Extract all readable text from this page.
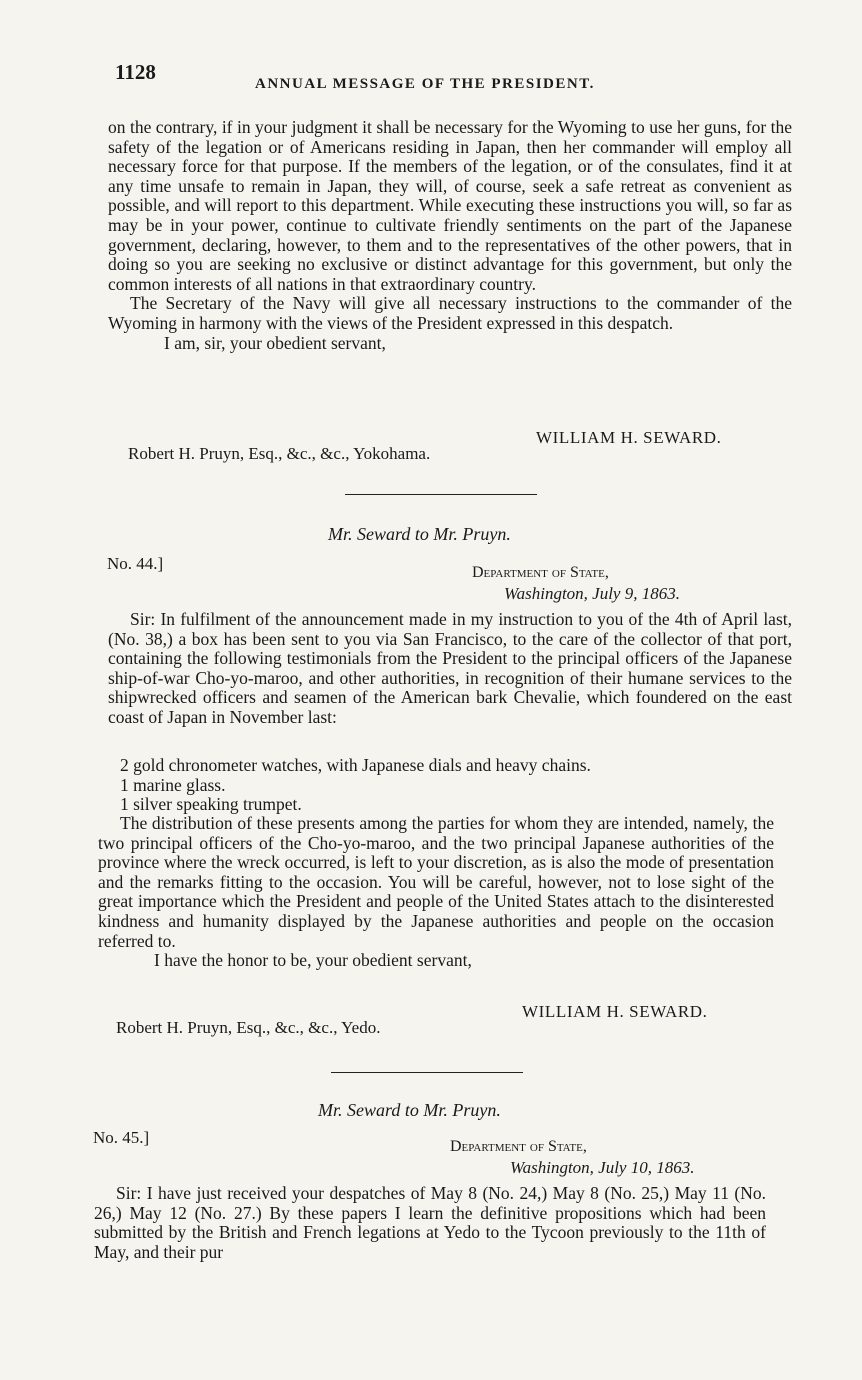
1128	ANNUAL MESSAGE OF THE PRESIDENT.

on the contrary, if in your judgment it shall be necessary for the Wyoming to use her guns, for the safety of the legation or of Americans residing in Japan, then her commander will employ all necessary force for that purpose. If the members of the legation, or of the consulates, find it at any time unsafe to remain in Japan, they will, of course, seek a safe retreat as convenient as possible, and will report to this department. While executing these instructions you will, so far as may be in your power, continue to cultivate friendly sentiments on the part of the Japanese government, declaring, however, to them and to the representatives of the other powers, that in doing so you are seeking no exclusive or distinct advantage for this government, but only the common interests of all nations in that extraordinary country.

The Secretary of the Navy will give all necessary instructions to the commander of the Wyoming in harmony with the views of the President expressed in this despatch.

I am, sir, your obedient servant,

WILLIAM H. SEWARD.
Robert H. Pruyn, Esq., &c., &c., Yokohama.
Mr. Seward to Mr. Pruyn.
No. 44.]	Department of State,
Washington, July 9, 1863.

Sir: In fulfilment of the announcement made in my instruction to you of the 4th of April last, (No. 38,) a box has been sent to you via San Francisco, to the care of the collector of that port, containing the following testimonials from the President to the principal officers of the Japanese ship-of-war Cho-yo-maroo, and other authorities, in recognition of their humane services to the shipwrecked officers and seamen of the American bark Chevalie, which foundered on the east coast of Japan in November last:

2 gold chronometer watches, with Japanese dials and heavy chains.
1 marine glass.
1 silver speaking trumpet.

The distribution of these presents among the parties for whom they are intended, namely, the two principal officers of the Cho-yo-maroo, and the two principal Japanese authorities of the province where the wreck occurred, is left to your discretion, as is also the mode of presentation and the remarks fitting to the occasion. You will be careful, however, not to lose sight of the great importance which the President and people of the United States attach to the disinterested kindness and humanity displayed by the Japanese authorities and people on the occasion referred to.

I have the honor to be, your obedient servant,

WILLIAM H. SEWARD.
Robert H. Pruyn, Esq., &c., &c., Yedo.
Mr. Seward to Mr. Pruyn.
No. 45.]	Department of State,
Washington, July 10, 1863.

Sir: I have just received your despatches of May 8 (No. 24,) May 8 (No. 25,) May 11 (No. 26,) May 12 (No. 27.) By these papers I learn the definitive propositions which had been submitted by the British and French legations at Yedo to the Tycoon previously to the 11th of May, and their pur
